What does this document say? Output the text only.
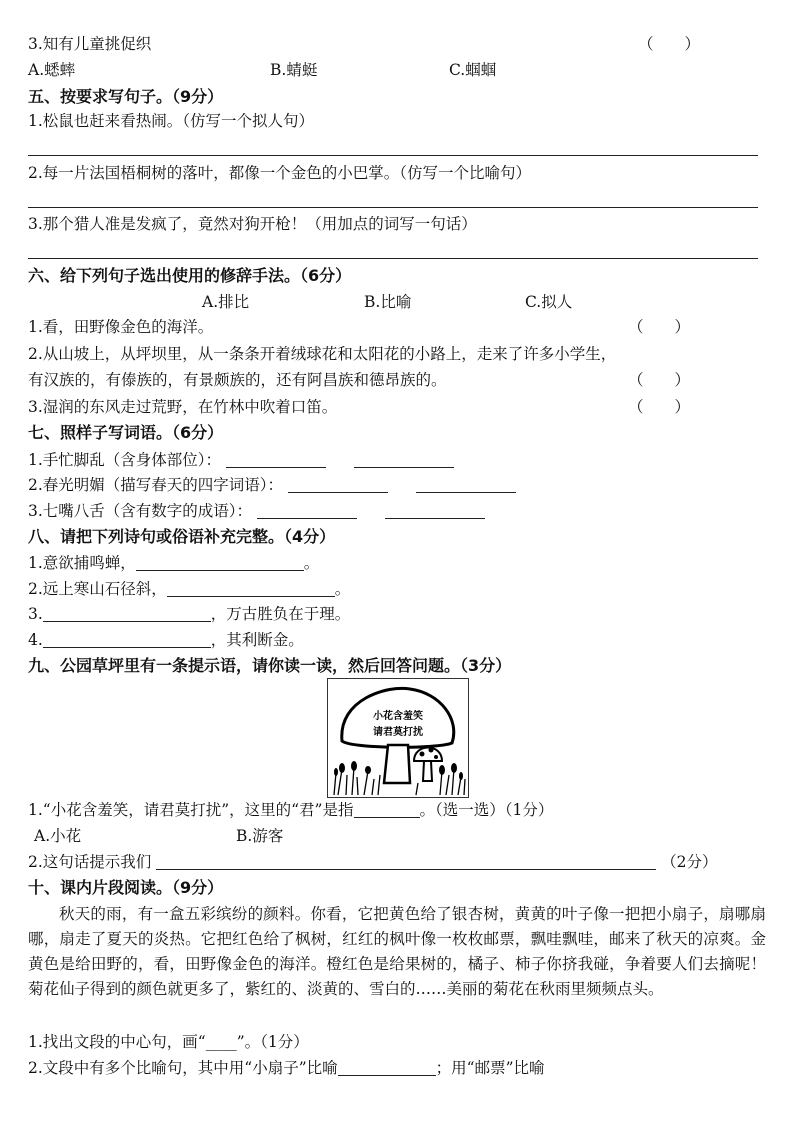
3.知有儿童挑促织	（　　）
A.蟋蟀	B.蜻蜓	C.蝈蝈
五、按要求写句子。（9分）
1.松鼠也赶来看热闹。（仿写一个拟人句）
2.每一片法国梧桐树的落叶，都像一个金色的小巴掌。（仿写一个比喻句）
3.那个猎人准是发疯了，竟然对狗开枪！（用加点的词写一句话）
六、给下列句子选出使用的修辞手法。（6分）
A.排比	B.比喻	C.拟人
1.看，田野像金色的海洋。	（　　）
2.从山坡上，从坪坝里，从一条条开着绒球花和太阳花的小路上，走来了许多小学生，
有汉族的，有傣族的，有景颇族的，还有阿昌族和德昂族的。	（　　）
3.湿润的东风走过荒野，在竹林中吹着口笛。	（　　）
七、照样子写词语。（6分）
1.手忙脚乱（含身体部位）：
2.春光明媚（描写春天的四字词语）：
3.七嘴八舌（含有数字的成语）：
八、请把下列诗句或俗语补充完整。（4分）
1.意欲捕鸣蝉，	。
2.远上寒山石径斜，	。
3.	，万古胜负在于理。
4.	，其利断金。
九、公园草坪里有一条提示语，请你读一读，然后回答问题。（3分）
小花含羞笑
请君莫打扰
1.“小花含羞笑，请君莫打扰”，这里的“君”是指	。（选一选）（1分）
A.小花	B.游客
2.这句话提示我们	（2分）
十、课内片段阅读。（9分）
秋天的雨，有一盒五彩缤纷的颜料。你看，它把黄色给了银杏树，黄黄的叶子像一把把小扇子，扇哪扇哪，扇走了夏天的炎热。它把红色给了枫树，红红的枫叶像一枚枚邮票，飘哇飘哇，邮来了秋天的凉爽。金黄色是给田野的，看，田野像金色的海洋。橙红色是给果树的，橘子、柿子你挤我碰，争着要人们去摘呢！菊花仙子得到的颜色就更多了，紫红的、淡黄的、雪白的……美丽的菊花在秋雨里频频点头。
1.找出文段的中心句，画“____”。（1分）
2.文段中有多个比喻句，其中用“小扇子”比喻	；用“邮票”比喻
